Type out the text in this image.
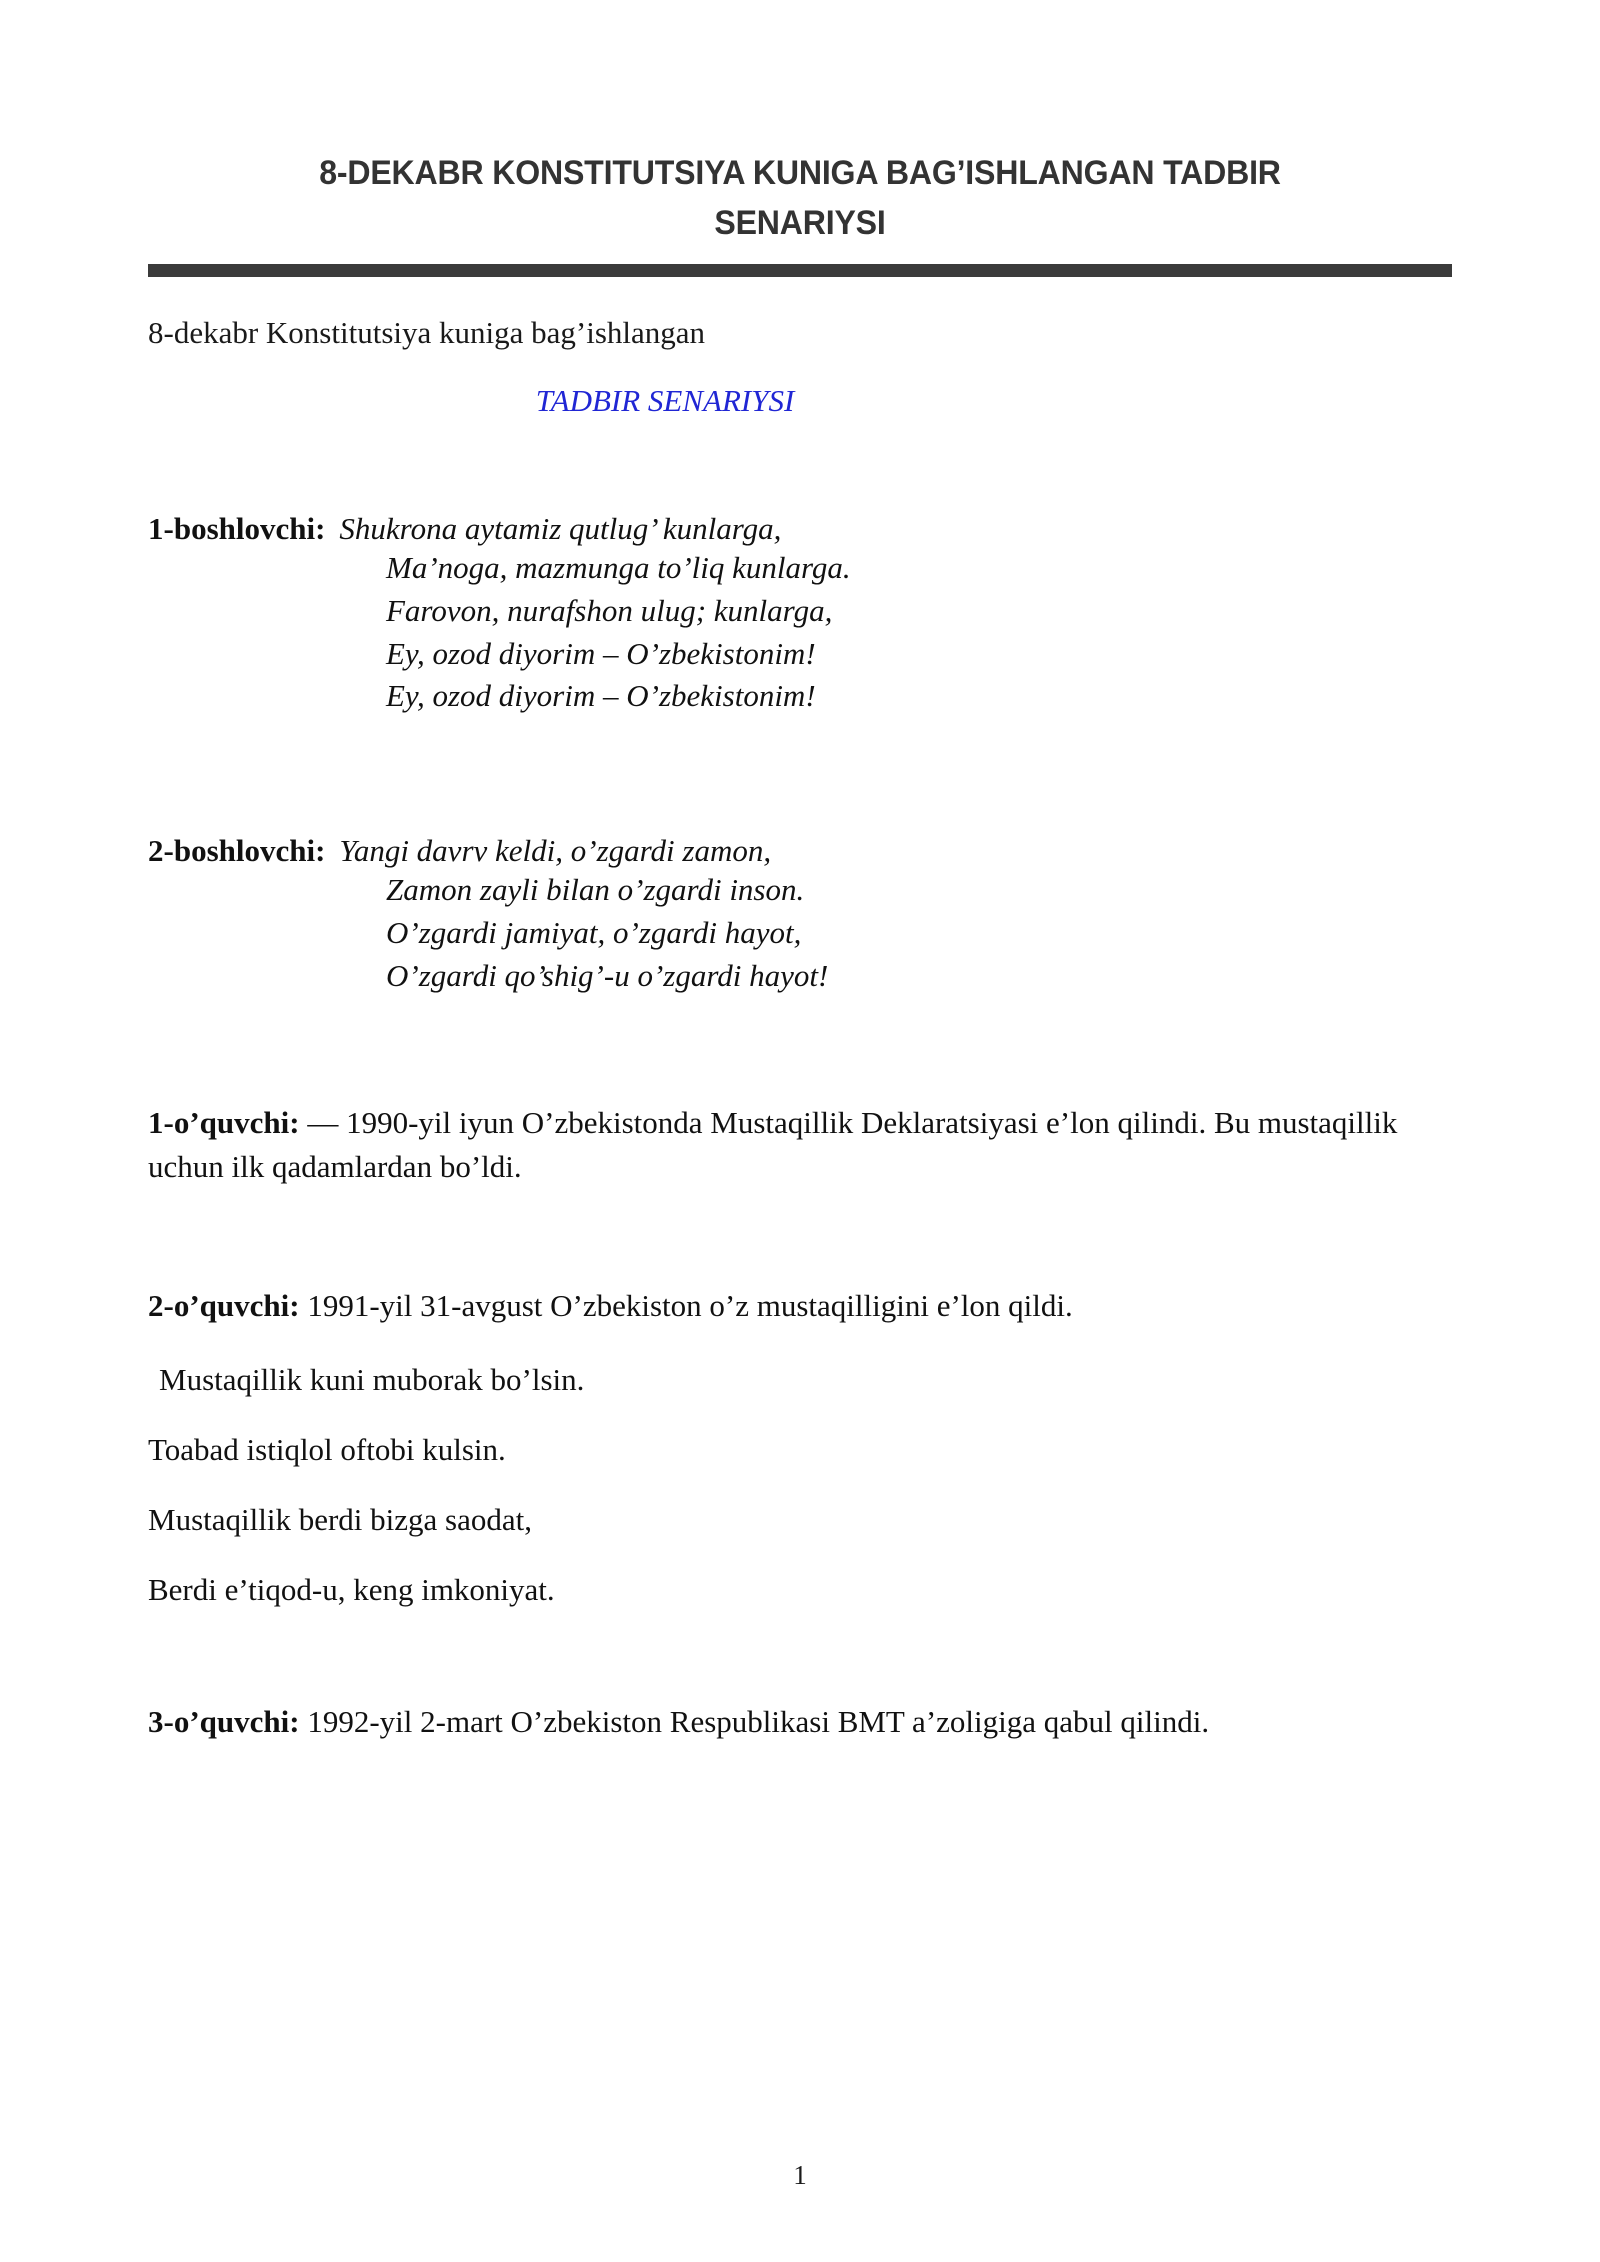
8-DEKABR KONSTITUTSIYA KUNIGA BAG’ISHLANGAN TADBIR
SENARIYSI
8-dekabr Konstitutsiya kuniga bag’ishlangan
TADBIR SENARIYSI
1-boshlovchi: Shukrona aytamiz qutlug’ kunlarga,
Ma’noga, mazmunga to’liq kunlarga.
Farovon, nurafshon ulug; kunlarga,
Ey, ozod diyorim – O’zbekistonim!
Ey, ozod diyorim – O’zbekistonim!
2-boshlovchi: Yangi davrv keldi, o’zgardi zamon,
Zamon zayli bilan o’zgardi inson.
O’zgardi jamiyat, o’zgardi hayot,
O’zgardi qo’shig’-u o’zgardi hayot!
1-o’quvchi: — 1990-yil iyun O’zbekistonda Mustaqillik Deklaratsiyasi e’lon qilindi. Bu mustaqillik uchun ilk qadamlardan bo’ldi.
2-o’quvchi: 1991-yil 31-avgust O’zbekiston o’z mustaqilligini e’lon qildi.
Mustaqillik kuni muborak bo’lsin.
Toabad istiqlol oftobi kulsin.
Mustaqillik berdi bizga saodat,
Berdi e’tiqod-u, keng imkoniyat.
3-o’quvchi: 1992-yil 2-mart O’zbekiston Respublikasi BMT a’zoligiga qabul qilindi.
1
